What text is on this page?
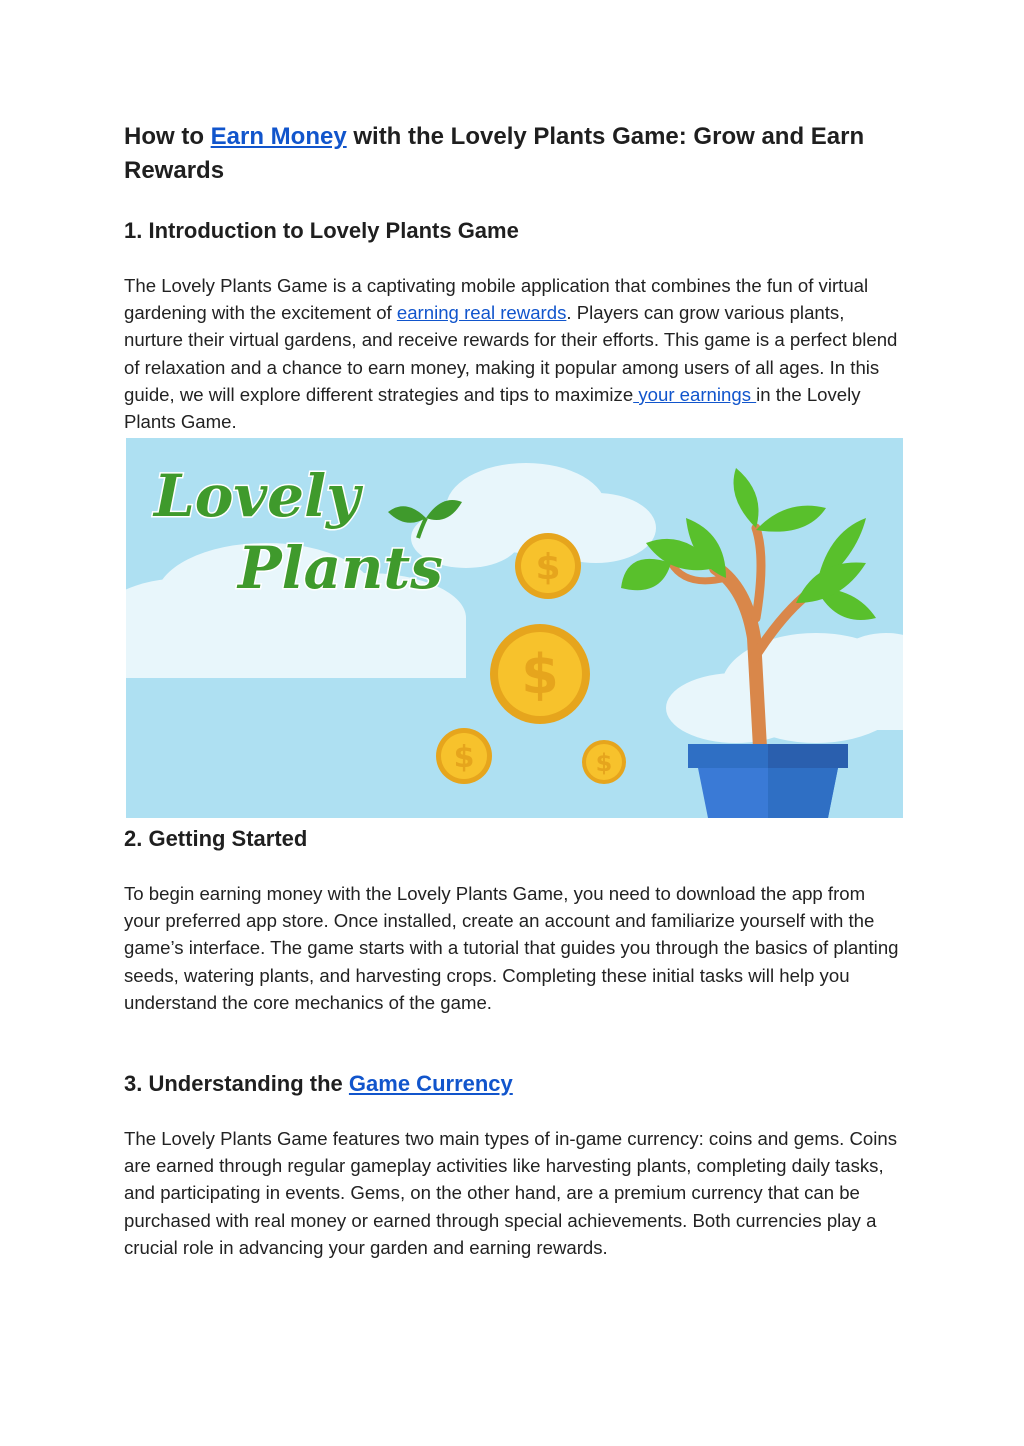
How to Earn Money with the Lovely Plants Game: Grow and Earn Rewards
1. Introduction to Lovely Plants Game

The Lovely Plants Game is a captivating mobile application that combines the fun of virtual gardening with the excitement of earning real rewards. Players can grow various plants, nurture their virtual gardens, and receive rewards for their efforts. This game is a perfect blend of relaxation and a chance to earn money, making it popular among users of all ages. In this guide, we will explore different strategies and tips to maximize your earnings in the Lovely Plants Game.

Lovely
Plants	$
$
$	$
2. Getting Started

To begin earning money with the Lovely Plants Game, you need to download the app from your preferred app store. Once installed, create an account and familiarize yourself with the game’s interface. The game starts with a tutorial that guides you through the basics of planting seeds, watering plants, and harvesting crops. Completing these initial tasks will help you understand the core mechanics of the game.

3. Understanding the Game Currency

The Lovely Plants Game features two main types of in-game currency: coins and gems. Coins are earned through regular gameplay activities like harvesting plants, completing daily tasks, and participating in events. Gems, on the other hand, are a premium currency that can be purchased with real money or earned through special achievements. Both currencies play a crucial role in advancing your garden and earning rewards.
